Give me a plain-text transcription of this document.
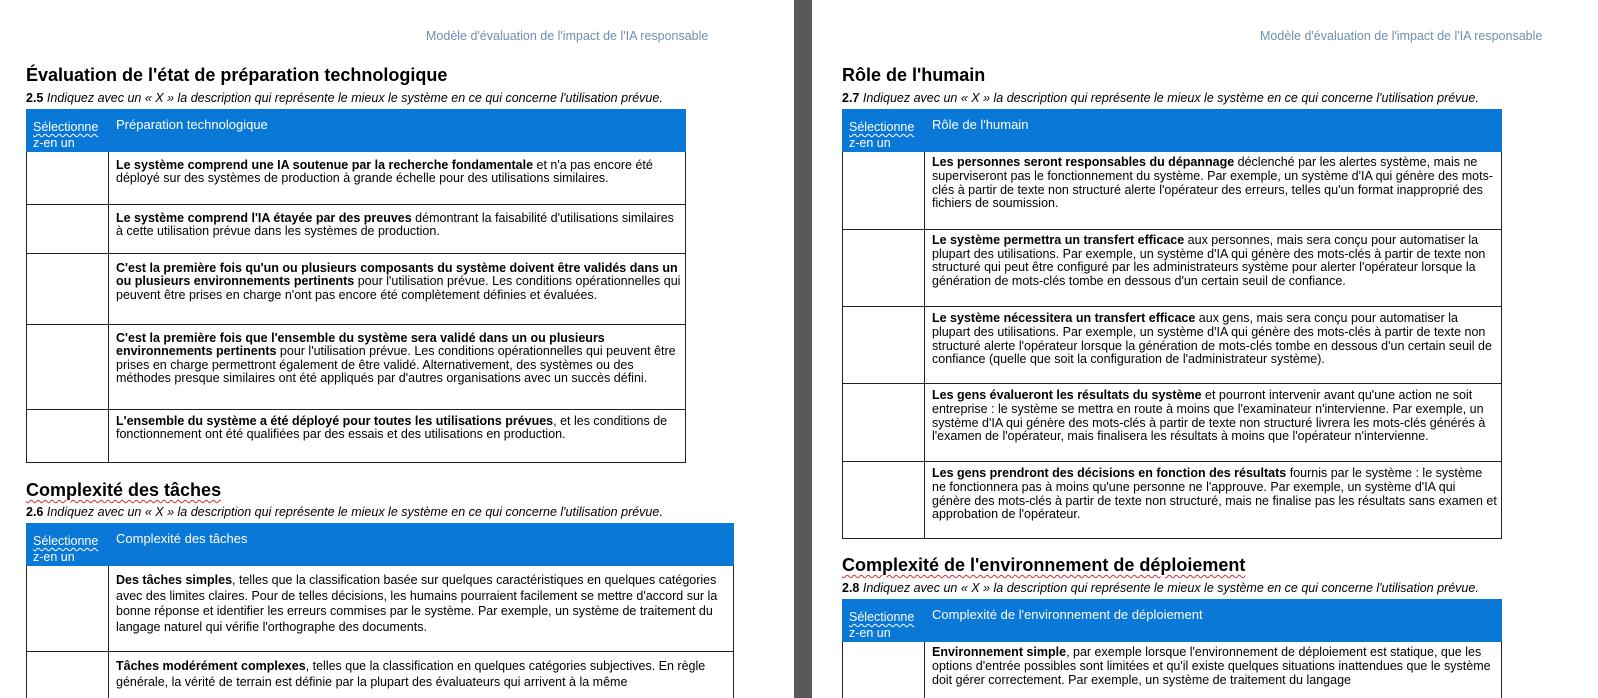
Modèle d'évaluation de l'impact de l'IA responsable
Évaluation de l'état de préparation technologique
2.5 Indiquez avec un « X » la description qui représente le mieux le système en ce qui concerne l'utilisation prévue.
Sélectionne
z-en un	Préparation technologique
	Le système comprend une IA soutenue par la recherche fondamentale et n'a pas encore été déployé sur des systèmes de production à grande échelle pour des utilisations similaires.
	Le système comprend l'IA étayée par des preuves démontrant la faisabilité d'utilisations similaires à cette utilisation prévue dans les systèmes de production.
	C'est la première fois qu'un ou plusieurs composants du système doivent être validés dans un ou plusieurs environnements pertinents pour l'utilisation prévue. Les conditions opérationnelles qui peuvent être prises en charge n'ont pas encore été complètement définies et évaluées.
	C'est la première fois que l'ensemble du système sera validé dans un ou plusieurs environnements pertinents pour l'utilisation prévue. Les conditions opérationnelles qui peuvent être prises en charge permettront également de être validé. Alternativement, des systèmes ou des méthodes presque similaires ont été appliqués par d'autres organisations avec un succès défini.
	L'ensemble du système a été déployé pour toutes les utilisations prévues, et les conditions de fonctionnement ont été qualifiées par des essais et des utilisations en production.
Complexité des tâches
2.6 Indiquez avec un « X » la description qui représente le mieux le système en ce qui concerne l'utilisation prévue.
Sélectionne
z-en un	Complexité des tâches
	Des tâches simples, telles que la classification basée sur quelques caractéristiques en quelques catégories avec des limites claires. Pour de telles décisions, les humains pourraient facilement se mettre d'accord sur la bonne réponse et identifier les erreurs commises par le système. Par exemple, un système de traitement du langage naturel qui vérifie l'orthographe des documents.
	Tâches modérément complexes, telles que la classification en quelques catégories subjectives. En règle générale, la vérité de terrain est définie par la plupart des évaluateurs qui arrivent à la même
Modèle d'évaluation de l'impact de l'IA responsable
Rôle de l'humain
2.7 Indiquez avec un « X » la description qui représente le mieux le système en ce qui concerne l'utilisation prévue.
Sélectionne
z-en un	Rôle de l'humain
	Les personnes seront responsables du dépannage déclenché par les alertes système, mais ne superviseront pas le fonctionnement du système. Par exemple, un système d'IA qui génère des mots-clés à partir de texte non structuré alerte l'opérateur des erreurs, telles qu'un format inapproprié des fichiers de soumission.
	Le système permettra un transfert efficace aux personnes, mais sera conçu pour automatiser la plupart des utilisations. Par exemple, un système d'IA qui génère des mots-clés à partir de texte non structuré qui peut être configuré par les administrateurs système pour alerter l'opérateur lorsque la génération de mots-clés tombe en dessous d'un certain seuil de confiance.
	Le système nécessitera un transfert efficace aux gens, mais sera conçu pour automatiser la plupart des utilisations. Par exemple, un système d'IA qui génère des mots-clés à partir de texte non structuré alerte l'opérateur lorsque la génération de mots-clés tombe en dessous d'un certain seuil de confiance (quelle que soit la configuration de l'administrateur système).
	Les gens évalueront les résultats du système et pourront intervenir avant qu'une action ne soit entreprise : le système se mettra en route à moins que l'examinateur n'intervienne. Par exemple, un système d'IA qui génère des mots-clés à partir de texte non structuré livrera les mots-clés générés à l'examen de l'opérateur, mais finalisera les résultats à moins que l'opérateur n'intervienne.
	Les gens prendront des décisions en fonction des résultats fournis par le système : le système ne fonctionnera pas à moins qu'une personne ne l'approuve. Par exemple, un système d'IA qui génère des mots-clés à partir de texte non structuré, mais ne finalise pas les résultats sans examen et approbation de l'opérateur.
Complexité de l'environnement de déploiement
2.8 Indiquez avec un « X » la description qui représente le mieux le système en ce qui concerne l'utilisation prévue.
Sélectionne
z-en un	Complexité de l'environnement de déploiement
	Environnement simple, par exemple lorsque l'environnement de déploiement est statique, que les options d'entrée possibles sont limitées et qu'il existe quelques situations inattendues que le système doit gérer correctement. Par exemple, un système de traitement du langage
